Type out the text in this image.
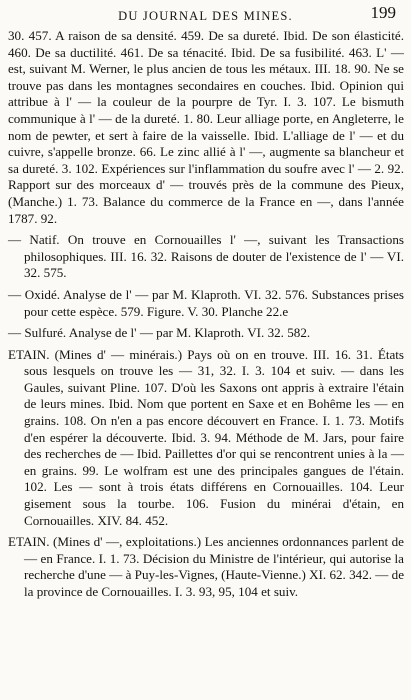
DU JOURNAL DES MINES.	199

30. 457. A raison de sa densité. 459. De sa dureté. Ibid. De son élasticité. 460. De sa ductilité. 461. De sa ténacité. Ibid. De sa fusibilité. 463. L' — est, suivant M. Werner, le plus ancien de tous les métaux. III. 18. 90. Ne se trouve pas dans les montagnes secondaires en couches. Ibid. Opinion qui attribue à l' — la couleur de la pourpre de Tyr. I. 3. 107. Le bismuth communique à l' — de la dureté. 1. 80. Leur alliage porte, en Angleterre, le nom de pewter, et sert à faire de la vaisselle. Ibid. L'alliage de l' — et du cuivre, s'appelle bronze. 66. Le zinc allié à l' —, augmente sa blancheur et sa dureté. 3. 102. Expériences sur l'inflammation du soufre avec l' — 2. 92. Rapport sur des morceaux d' — trouvés près de la commune des Pieux, (Manche.) 1. 73. Balance du commerce de la France en —, dans l'année 1787. 92.

— Natif. On trouve en Cornouailles l' —, suivant les Transactions philosophiques. III. 16. 32. Raisons de douter de l'existence de l' — VI. 32. 575.

— Oxidé. Analyse de l' — par M. Klaproth. VI. 32. 576. Substances prises pour cette espèce. 579. Figure. V. 30. Planche 22.e

— Sulfuré. Analyse de l' — par M. Klaproth. VI. 32. 582.

ETAIN. (Mines d' — minérais.) Pays où on en trouve. III. 16. 31. États sous lesquels on trouve les — 31, 32. I. 3. 104 et suiv. — dans les Gaules, suivant Pline. 107. D'où les Saxons ont appris à extraire l'étain de leurs mines. Ibid. Nom que portent en Saxe et en Bohême les — en grains. 108. On n'en a pas encore découvert en France. I. 1. 73. Motifs d'en espérer la découverte. Ibid. 3. 94. Méthode de M. Jars, pour faire des recherches de — Ibid. Paillettes d'or qui se rencontrent unies à la — en grains. 99. Le wolfram est une des principales gangues de l'étain. 102. Les — sont à trois états différens en Cornouailles. 104. Leur gisement sous la tourbe. 106. Fusion du minérai d'étain, en Cornouailles. XIV. 84. 452.

ETAIN. (Mines d' —, exploitations.) Les anciennes ordonnances parlent de — en France. I. 1. 73. Décision du Ministre de l'intérieur, qui autorise la recherche d'une — à Puy-les-Vignes, (Haute-Vienne.) XI. 62. 342. — de la province de Cornouailles. I. 3. 93, 95, 104 et suiv.
